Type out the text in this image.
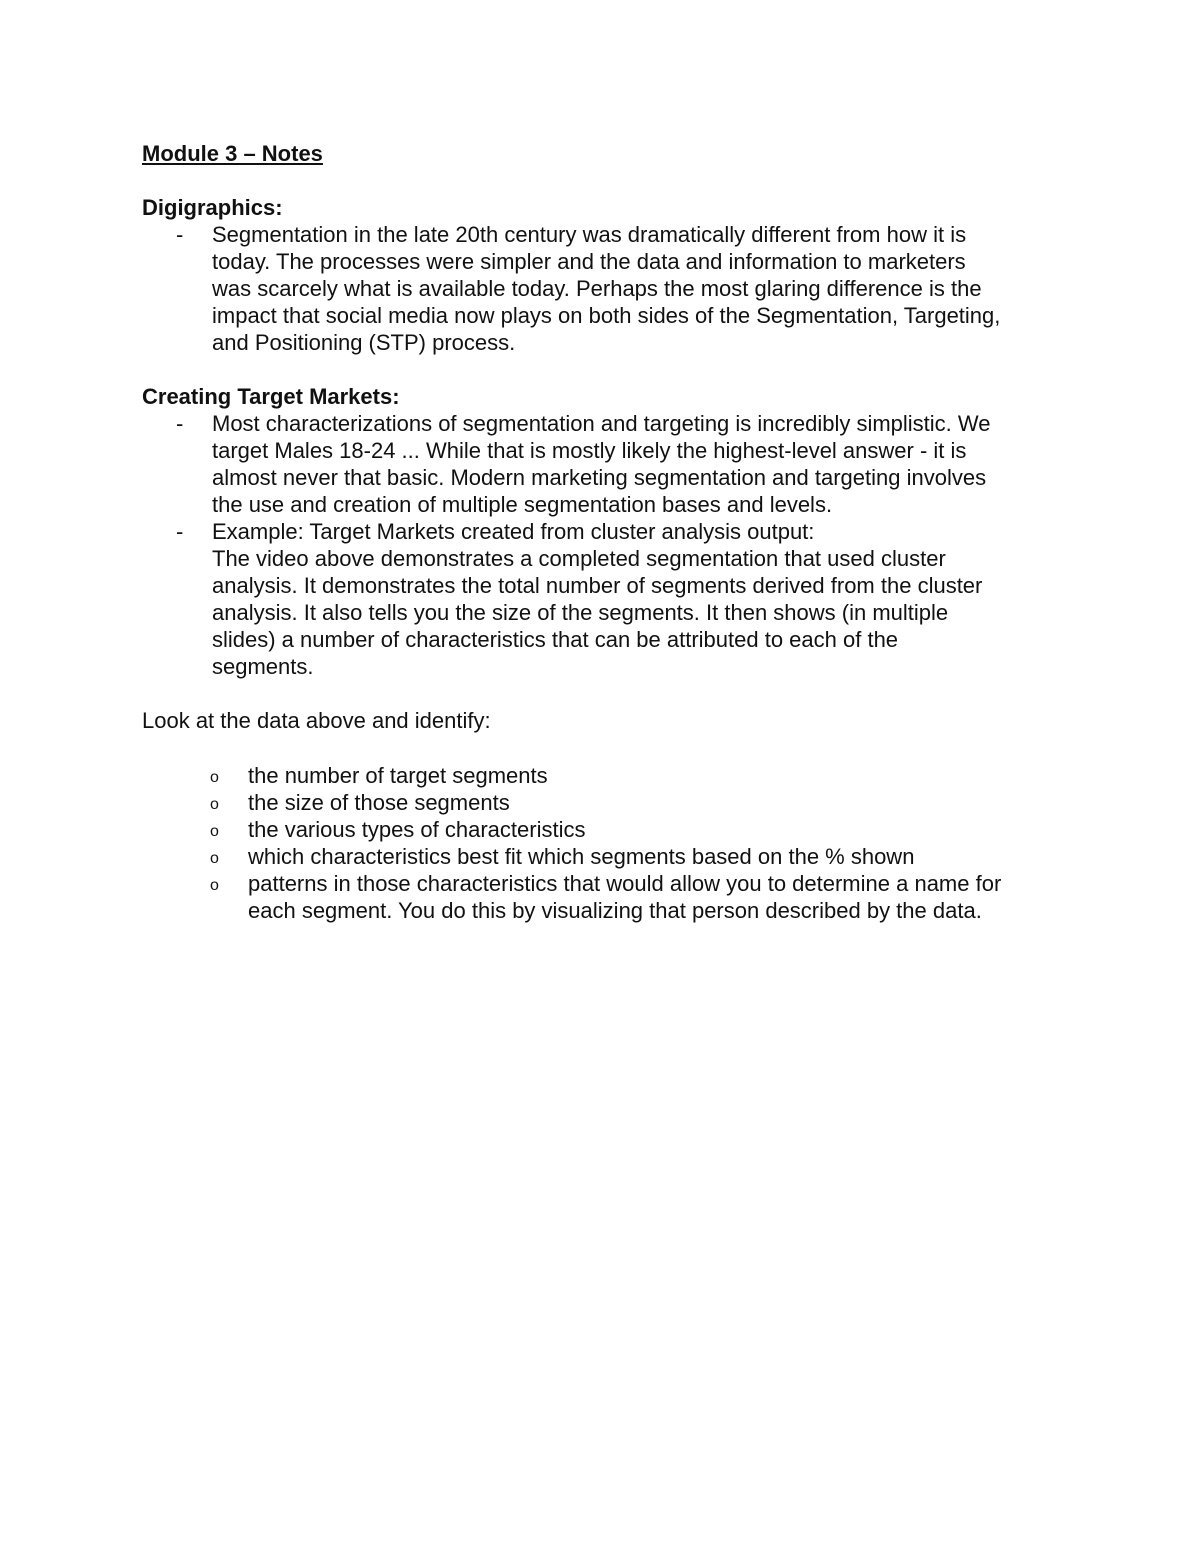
Module 3 – Notes

Digigraphics:

- Segmentation in the late 20th century was dramatically different from how it is
today. The processes were simpler and the data and information to marketers
was scarcely what is available today. Perhaps the most glaring difference is the
impact that social media now plays on both sides of the Segmentation, Targeting,
and Positioning (STP) process.

Creating Target Markets:

- Most characterizations of segmentation and targeting is incredibly simplistic. We
target Males 18-24 ... While that is mostly likely the highest-level answer - it is
almost never that basic. Modern marketing segmentation and targeting involves
the use and creation of multiple segmentation bases and levels.
- Example: Target Markets created from cluster analysis output:
The video above demonstrates a completed segmentation that used cluster
analysis. It demonstrates the total number of segments derived from the cluster
analysis. It also tells you the size of the segments. It then shows (in multiple
slides) a number of characteristics that can be attributed to each of the
segments.

Look at the data above and identify:

o the number of target segments
o the size of those segments
o the various types of characteristics
o which characteristics best fit which segments based on the % shown
o patterns in those characteristics that would allow you to determine a name for
each segment. You do this by visualizing that person described by the data.
